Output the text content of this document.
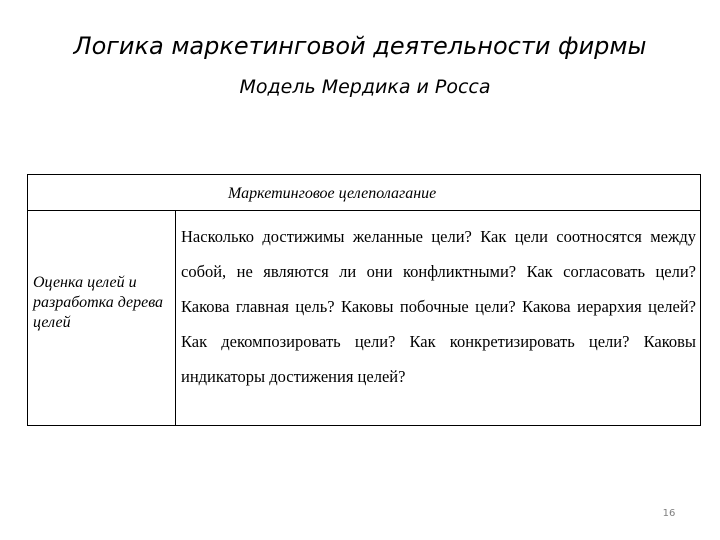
Логика маркетинговой деятельности фирмы
Модель Мердика и Росса
Маркетинговое целеполагание
Оценка целей и разработка дерева целей
Насколько достижимы желанные цели? Как цели соотносятся между собой, не являются ли они конфликтными? Как согласовать цели? Какова главная цель? Каковы побочные цели? Какова иерархия целей? Как декомпозировать цели? Как конкретизировать цели? Каковы индикаторы достижения целей?
16
